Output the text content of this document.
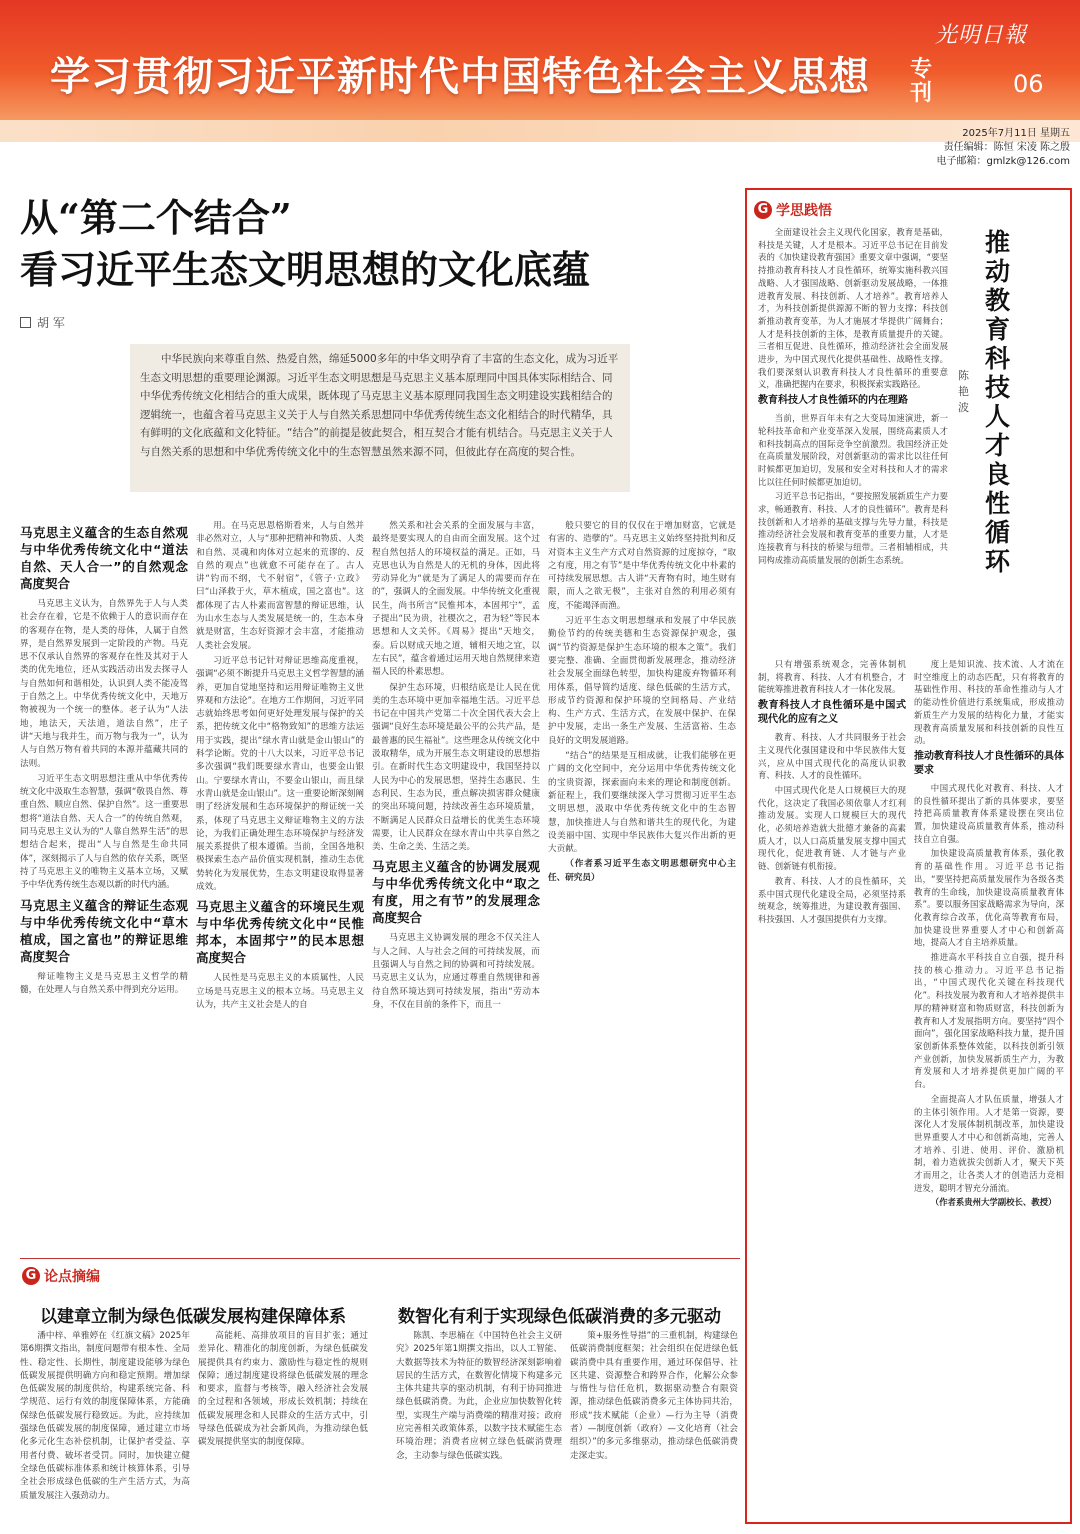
学习贯彻习近平新时代中国特色社会主义思想 专刊
光明日報
06
2025年7月11日 星期五
责任编辑：陈恒 宋凌 陈之殷
电子邮箱：gmlzk@126.com
从“第二个结合”
看习近平生态文明思想的文化底蕴
胡 军
中华民族向来尊重自然、热爱自然，绵延5000多年的中华文明孕育了丰富的生态文化，成为习近平生态文明思想的重要理论渊源。习近平生态文明思想是马克思主义基本原理同中国具体实际相结合、同中华优秀传统文化相结合的重大成果，既体现了马克思主义基本原理同我国生态文明建设实践相结合的逻辑统一，也蕴含着马克思主义关于人与自然关系思想同中华优秀传统生态文化相结合的时代精华，具有鲜明的文化底蕴和文化特征。“结合”的前提是彼此契合，相互契合才能有机结合。马克思主义关于人与自然关系的思想和中华优秀传统文化中的生态智慧虽然来源不同，但彼此存在高度的契合性。
马克思主义蕴含的生态自然观与中华优秀传统文化中“道法自然、天人合一”的自然观念高度契合

马克思主义认为，自然界先于人与人类社会存在着，它是不依赖于人的意识而存在的客观存在物，是人类的母体，人属于自然界，是自然界发展到一定阶段的产物。马克思不仅承认自然界的客观存在性及其对于人类的优先地位，还从实践活动出发去探寻人与自然如何和谐相处，认识到人类不能凌驾于自然之上。中华优秀传统文化中，天地万物被视为一个统一的整体。老子认为“人法地，地法天，天法道，道法自然”，庄子讲“天地与我并生，而万物与我为一”，认为人与自然万物有着共同的本源并蕴藏共同的法则。

习近平生态文明思想注重从中华优秀传统文化中汲取生态智慧，强调“敬畏自然、尊重自然、顺应自然、保护自然”。这一重要思想将“道法自然、天人合一”的传统自然观，同马克思主义认为的“人靠自然界生活”的思想结合起来，提出“人与自然是生命共同体”，深刻揭示了人与自然的依存关系，既坚持了马克思主义的唯物主义基本立场，又赋予中华优秀传统生态观以新的时代内涵。

马克思主义蕴含的辩证生态观与中华优秀传统文化中“草木植成，国之富也”的辩证思维高度契合

辩证唯物主义是马克思主义哲学的精髓，在处理人与自然关系中得到充分运用。

用。在马克思恩格斯看来，人与自然并非必然对立，人与“那种把精神和物质、人类和自然、灵魂和肉体对立起来的荒谬的、反自然的观点”也就愈不可能存在了。古人讲“钓而不纲，弋不射宿”，《管子·立政》曰“山泽救于火，草木植成，国之富也”。这都体现了古人朴素而富智慧的辩证思维，认为山水生态与人类发展是统一的，生态本身就是财富，生态好资源才会丰富，才能推动人类社会发展。

习近平总书记针对辩证思维高度重视，强调“必须不断提升马克思主义哲学智慧的涵养，更加自觉地坚持和运用辩证唯物主义世界观和方法论”。在地方工作期间，习近平同志就始终思考如何更好处理发展与保护的关系，把传统文化中“格物致知”的思维方法运用于实践，提出“绿水青山就是金山银山”的科学论断。党的十八大以来，习近平总书记多次强调“我们既要绿水青山，也要金山银山。宁要绿水青山，不要金山银山，而且绿水青山就是金山银山”。这一重要论断深刻阐明了经济发展和生态环境保护的辩证统一关系，体现了马克思主义辩证唯物主义的方法论，为我们正确处理生态环境保护与经济发展关系提供了根本遵循。当前，全国各地积极探索生态产品价值实现机制，推动生态优势转化为发展优势，生态文明建设取得显著成效。

马克思主义蕴含的环境民生观与中华优秀传统文化中“民惟邦本，本固邦宁”的民本思想高度契合

人民性是马克思主义的本质属性，人民立场是马克思主义的根本立场。马克思主义认为，共产主义社会是人的自

然关系和社会关系的全面发展与丰富，最终是要实现人的自由而全面发展。这个过程自然包括人的环境权益的满足。正如，马克思也认为自然是人的无机的身体，因此将劳动异化为“就是为了满足人的需要而存在的”，强调人的全面发展。中华传统文化重视民生，尚书所言“民惟邦本，本固邦宁”，孟子提出“民为贵，社稷次之，君为轻”等民本思想和人文关怀。《周易》提出“天地交，泰。后以财成天地之道，辅相天地之宜，以左右民”，蕴含着通过运用天地自然规律来造福人民的朴素思想。

保护生态环境，归根结底是让人民在优美的生态环境中更加幸福地生活。习近平总书记在中国共产党第二十次全国代表大会上强调“良好生态环境是最公平的公共产品，是最普惠的民生福祉”。这些理念从传统文化中汲取精华，成为开展生态文明建设的思想指引。在新时代生态文明建设中，我国坚持以人民为中心的发展思想，坚持生态惠民、生态利民、生态为民，重点解决损害群众健康的突出环境问题，持续改善生态环境质量，不断满足人民群众日益增长的优美生态环境需要，让人民群众在绿水青山中共享自然之美、生命之美、生活之美。

马克思主义蕴含的协调发展观与中华优秀传统文化中“取之有度，用之有节”的发展理念高度契合

马克思主义协调发展的理念不仅关注人与人之间、人与社会之间的可持续发展，而且强调人与自然之间的协调和可持续发展。马克思主义认为，应通过尊重自然规律和善待自然环境达到可持续发展，指出“劳动本身，不仅在目前的条件下，而且一

般只要它的目的仅仅在于增加财富，它就是有害的、造孽的”。马克思主义始终坚持批判和反对资本主义生产方式对自然资源的过度掠夺，“取之有度，用之有节”是中华优秀传统文化中朴素的可持续发展思想。古人讲“天育物有时，地生财有限，而人之欲无极”，主张对自然的利用必须有度，不能竭泽而渔。

习近平生态文明思想继承和发展了中华民族勤俭节约的传统美德和生态资源保护观念，强调“节约资源是保护生态环境的根本之策”。我们要完整、准确、全面贯彻新发展理念，推动经济社会发展全面绿色转型，加快构建废弃物循环利用体系，倡导简约适度、绿色低碳的生活方式，形成节约资源和保护环境的空间格局、产业结构、生产方式、生活方式，在发展中保护、在保护中发展，走出一条生产发展、生活富裕、生态良好的文明发展道路。

“结合”的结果是互相成就，让我们能够在更广阔的文化空间中，充分运用中华优秀传统文化的宝贵资源，探索面向未来的理论和制度创新。新征程上，我们要继续深入学习贯彻习近平生态文明思想，汲取中华优秀传统文化中的生态智慧，加快推进人与自然和谐共生的现代化，为建设美丽中国、实现中华民族伟大复兴作出新的更大贡献。

（作者系习近平生态文明思想研究中心主任、研究员）

G 论点摘编
以建章立制为绿色低碳发展构建保障体系	数智化有利于实现绿色低碳消费的多元驱动

潘中梓、单雅婷在《红旗文稿》2025年第6期撰文指出，制度问题带有根本性、全局性、稳定性、长期性，制度建设能够为绿色低碳发展提供明确方向和稳定预期。增加绿色低碳发展的制度供给，构建系统完备、科学规范、运行有效的制度保障体系，方能确保绿色低碳发展行稳致远。为此，应持续加强绿色低碳发展的制度保障，通过建立市场化多元化生态补偿机制，让保护者受益、享用者付费、破坏者受罚。同时，加快建立健全绿色低碳标准体系和统计核算体系，引导全社会形成绿色低碳的生产生活方式，为高质量发展注入强劲动力。

高能耗、高排放项目的盲目扩张；通过差异化、精准化的制度创新，为绿色低碳发展提供具有约束力、激励性与稳定性的规则保障；通过制度建设将绿色低碳发展的理念和要求，监督与考核等，融入经济社会发展的全过程和各领域，形成长效机制；持续在低碳发展理念和人民群众的生活方式中，引导绿色低碳成为社会新风尚，为推动绿色低碳发展提供坚实的制度保障。

陈凯、李思楠在《中国特色社会主义研究》2025年第1期撰文指出，以人工智能、大数据等技术为特征的数智经济深刻影响着居民的生活方式，在数智化情境下构建多元主体共建共享的驱动机制，有利于协同推进绿色低碳消费。为此，企业应加快数智化转型，实现生产端与消费端的精准对接；政府应完善相关政策体系，以数字技术赋能生态环境治理；消费者应树立绿色低碳消费理念，主动参与绿色低碳实践。

策+服务性导措”的三重机制，构建绿色低碳消费制度框架；社会组织在促进绿色低碳消费中具有重要作用，通过环保倡导、社区共建、资源整合和跨界合作，化解公众参与惰性与信任危机，数据驱动整合有限资源，推动绿色低碳消费多元主体协同共治，形成“技术赋能（企业）—行为主导（消费者）—制度创新（政府）—文化培育（社会组织）”的多元多维驱动，推动绿色低碳消费走深走实。

G 学思践悟
推动教育科技人才良性循环
陈艳波

全面建设社会主义现代化国家，教育是基础，科技是关键，人才是根本。习近平总书记在目前发表的《加快建设教育强国》重要文章中强调，“要坚持推动教育科技人才良性循环，统筹实施科教兴国战略、人才强国战略、创新驱动发展战略，一体推进教育发展、科技创新、人才培养”。教育培养人才，为科技创新提供源源不断的智力支撑；科技创新推动教育变革，为人才施展才华提供广阔舞台；人才是科技创新的主体，是教育质量提升的关键。三者相互促进、良性循环，推动经济社会全面发展进步，为中国式现代化提供基础性、战略性支撑。我们要深刻认识教育科技人才良性循环的重要意义，准确把握内在要求，积极探索实践路径。

教育科技人才良性循环的内在理路

当前，世界百年未有之大变局加速演进，新一轮科技革命和产业变革深入发展，围绕高素质人才和科技制高点的国际竞争空前激烈。我国经济正处在高质量发展阶段，对创新驱动的需求比以往任何时候都更加迫切，发展和安全对科技和人才的需求比以往任何时候都更加迫切。

习近平总书记指出，“要按照发展新质生产力要求，畅通教育、科技、人才的良性循环”。教育是科技创新和人才培养的基础支撑与先导力量，科技是推动经济社会发展和教育变革的重要力量，人才是连接教育与科技的桥梁与纽带。三者相辅相成，共同构成推动高质量发展的创新生态系统。

只有增强系统观念，完善体制机制，将教育、科技、人才有机整合，才能统筹推进教育科技人才一体化发展。

教育科技人才良性循环是中国式现代化的应有之义

教育、科技、人才共同服务于社会主义现代化强国建设和中华民族伟大复兴，应从中国式现代化的高度认识教育、科技、人才的良性循环。

中国式现代化是人口规模巨大的现代化，这决定了我国必须依靠人才红利推动发展。实现人口规模巨大的现代化，必须培养造就大批德才兼备的高素质人才，以人口高质量发展支撑中国式现代化，促进教育链、人才链与产业链、创新链有机衔接。

教育、科技、人才的良性循环，关系中国式现代化建设全局，必须坚持系统观念，统筹推进，为建设教育强国、科技强国、人才强国提供有力支撑。

度上是知识流、技术流、人才流在时空维度上的动态匹配，只有将教育的基础性作用、科技的革命性推动与人才的能动性价值进行系统集成，形成推动新质生产力发展的结构化力量，才能实现教育高质量发展和科技创新的良性互动。

推动教育科技人才良性循环的具体要求

中国式现代化对教育、科技、人才的良性循环提出了新的具体要求，要坚持把高质量教育体系建设摆在突出位置，加快建设高质量教育体系，推动科技自立自强。

加快建设高质量教育体系，强化教育的基础性作用。习近平总书记指出，“要坚持把高质量发展作为各级各类教育的生命线，加快建设高质量教育体系”。要以服务国家战略需求为导向，深化教育综合改革，优化高等教育布局，加快建设世界重要人才中心和创新高地，提高人才自主培养质量。

推进高水平科技自立自强，提升科技的核心推动力。习近平总书记指出，“中国式现代化关键在科技现代化”。科技发展为教育和人才培养提供丰厚的精神财富和物质财富，科技创新为教育和人才发展指明方向。要坚持“四个面向”，强化国家战略科技力量，提升国家创新体系整体效能，以科技创新引领产业创新，加快发展新质生产力，为教育发展和人才培养提供更加广阔的平台。

全面提高人才队伍质量，增强人才的主体引领作用。人才是第一资源，要深化人才发展体制机制改革，加快建设世界重要人才中心和创新高地，完善人才培养、引进、使用、评价、激励机制，着力造就拔尖创新人才，聚天下英才而用之，让各类人才的创造活力竞相迸发，聪明才智充分涌流。

（作者系贵州大学副校长、教授）
